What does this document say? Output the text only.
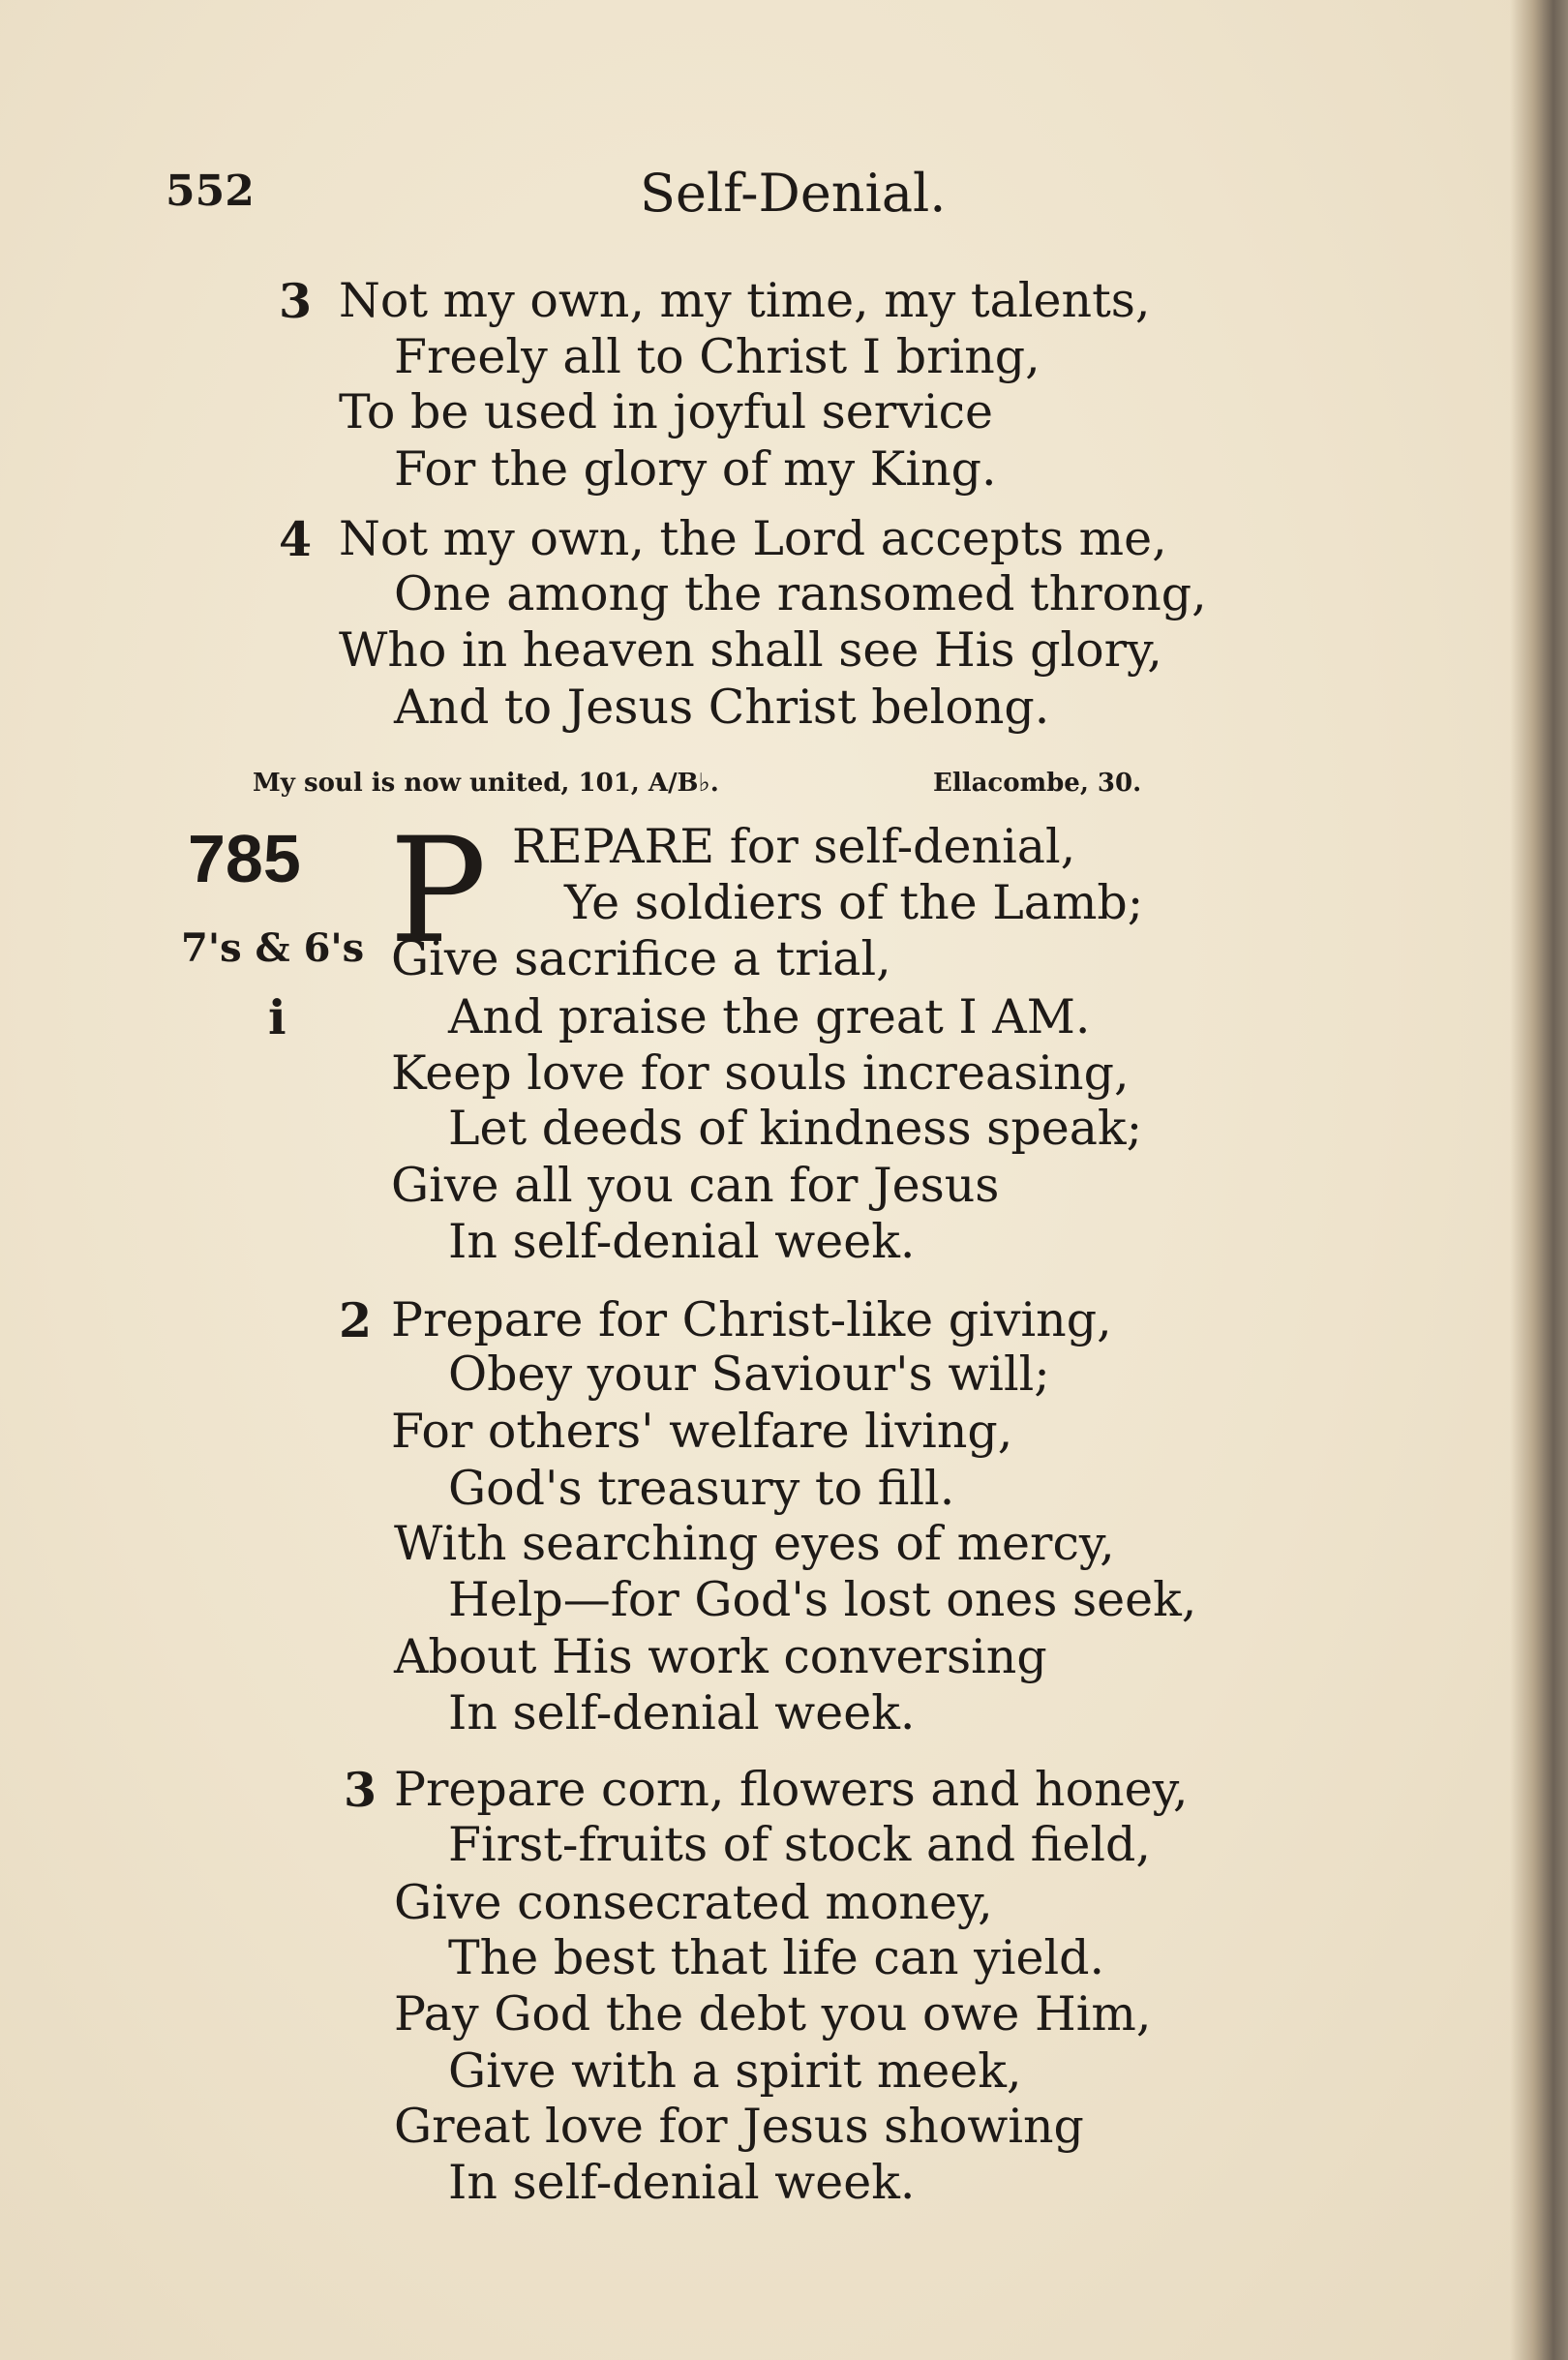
552	Self-Denial.
3 Not my own, my time, my talents,
Freely all to Christ I bring,
To be used in joyful service
For the glory of my King.
4 Not my own, the Lord accepts me,
One among the ransomed throng,
Who in heaven shall see His glory,
And to Jesus Christ belong.
My soul is now united, 101, A/B♭.	Ellacombe, 30.
785
7's & 6's
i
P REPARE for self-denial,
Ye soldiers of the Lamb;
Give sacrifice a trial,
And praise the great I AM.
Keep love for souls increasing,
Let deeds of kindness speak;
Give all you can for Jesus
In self-denial week.
2 Prepare for Christ-like giving,
Obey your Saviour's will;
For others' welfare living,
God's treasury to fill.
With searching eyes of mercy,
Help—for God's lost ones seek,
About His work conversing
In self-denial week.
3 Prepare corn, flowers and honey,
First-fruits of stock and field,
Give consecrated money,
The best that life can yield.
Pay God the debt you owe Him,
Give with a spirit meek,
Great love for Jesus showing
In self-denial week.
